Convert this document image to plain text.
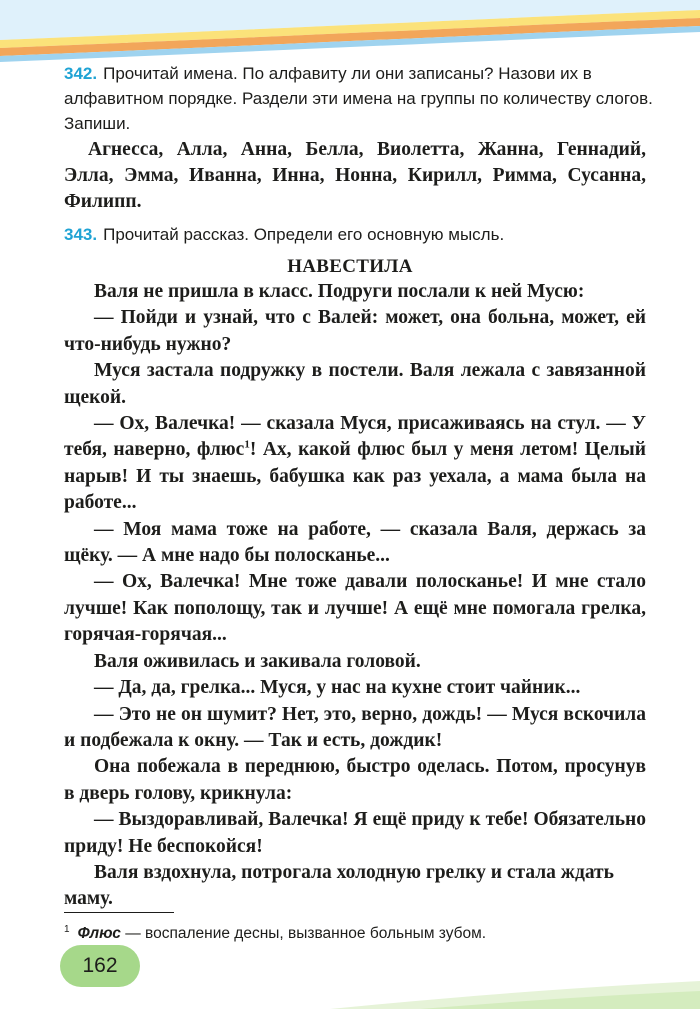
342. Прочитай имена. По алфавиту ли они записаны? Назови их в алфавитном порядке. Раздели эти имена на группы по количеству слогов. Запиши.
Агнесса, Алла, Анна, Белла, Виолетта, Жанна, Геннадий, Элла, Эмма, Иванна, Инна, Нонна, Кирилл, Римма, Сусанна, Филипп.
343. Прочитай рассказ. Определи его основную мысль.
НАВЕСТИЛА

Валя не пришла в класс. Подруги послали к ней Мусю:

— Пойди и узнай, что с Валей: может, она больна, может, ей что-нибудь нужно?

Муся застала подружку в постели. Валя лежала с завязанной щекой.

— Ох, Валечка! — сказала Муся, присаживаясь на стул. — У тебя, наверно, флюс$^1$! Ах, какой флюс был у меня летом! Целый нарыв! И ты знаешь, бабушка как раз уехала, а мама была на работе...

— Моя мама тоже на работе, — сказала Валя, держась за щёку. — А мне надо бы полосканье...

— Ох, Валечка! Мне тоже давали полосканье! И мне стало лучше! Как пополощу, так и лучше! А ещё мне помогала грелка, горячая-горячая...

Валя оживилась и закивала головой.

— Да, да, грелка... Муся, у нас на кухне стоит чайник...

— Это не он шумит? Нет, это, верно, дождь! — Муся вскочила и подбежала к окну. — Так и есть, дождик!

Она побежала в переднюю, быстро оделась. Потом, просунув в дверь голову, крикнула:

— Выздоравливай, Валечка! Я ещё приду к тебе! Обязательно приду! Не беспокойся!

Валя вздохнула, потрогала холодную грелку и стала ждать маму.

$^1$ Флюс — воспаление десны, вызванное больным зубом.
162
